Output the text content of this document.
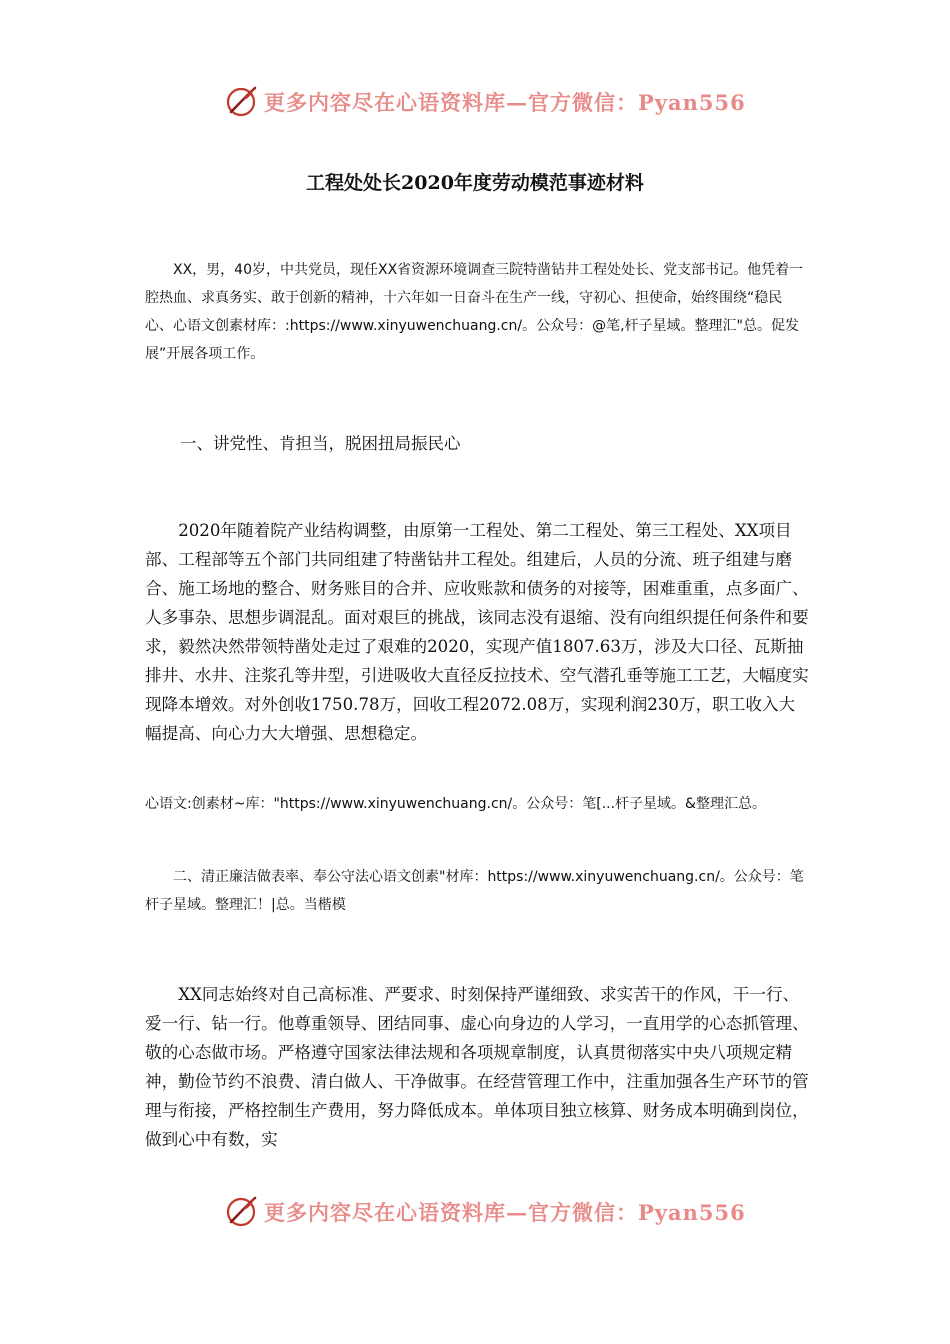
更多内容尽在心语资料库—官方微信：Pyan556
工程处处长2020年度劳动模范事迹材料

XX，男，40岁，中共党员，现任XX省资源环境调查三院特凿钻井工程处处长、党支部书记。他凭着一腔热血、求真务实、敢于创新的精神，十六年如一日奋斗在生产一线，守初心、担使命，始终围绕“稳民心、心语文创素材库：:https://www.xinyuwenchuang.cn/。公众号：@笔,杆子星域。整理汇"总。促发展”开展各项工作。

一、讲党性、肯担当，脱困扭局振民心

2020年随着院产业结构调整，由原第一工程处、第二工程处、第三工程处、XX项目部、工程部等五个部门共同组建了特凿钻井工程处。组建后，人员的分流、班子组建与磨合、施工场地的整合、财务账目的合并、应收账款和债务的对接等，困难重重，点多面广、人多事杂、思想步调混乱。面对艰巨的挑战，该同志没有退缩、没有向组织提任何条件和要求，毅然决然带领特凿处走过了艰难的2020，实现产值1807.63万，涉及大口径、瓦斯抽排井、水井、注浆孔等井型，引进吸收大直径反拉技术、空气潜孔垂等施工工艺，大幅度实现降本增效。对外创收1750.78万，回收工程2072.08万，实现利润230万，职工收入大幅提高、向心力大大增强、思想稳定。

心语文:创素材~库："https://www.xinyuwenchuang.cn/。公众号：笔[...杆子星域。&整理汇总。

二、清正廉洁做表率、奉公守法心语文创素"材库：https://www.xinyuwenchuang.cn/。公众号：笔杆子星域。整理汇！|总。当楷模

XX同志始终对自己高标准、严要求、时刻保持严谨细致、求实苦干的作风，干一行、爱一行、钻一行。他尊重领导、团结同事、虚心向身边的人学习，一直用学的心态抓管理、敬的心态做市场。严格遵守国家法律法规和各项规章制度，认真贯彻落实中央八项规定精神，勤俭节约不浪费、清白做人、干净做事。在经营管理工作中，注重加强各生产环节的管理与衔接，严格控制生产费用，努力降低成本。单体项目独立核算、财务成本明确到岗位，做到心中有数，实

更多内容尽在心语资料库—官方微信：Pyan556
